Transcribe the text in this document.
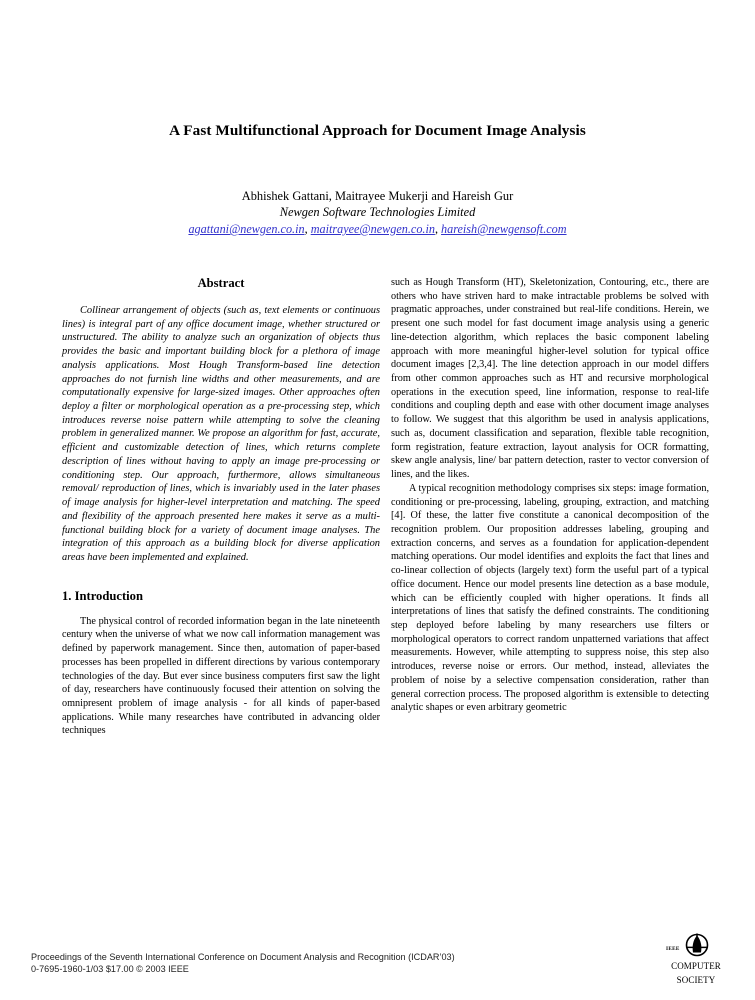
A Fast Multifunctional Approach for Document Image Analysis
Abhishek Gattani, Maitrayee Mukerji and Hareish Gur
Newgen Software Technologies Limited
agattani@newgen.co.in, maitrayee@newgen.co.in, hareish@newgensoft.com
Abstract

Collinear arrangement of objects (such as, text elements or continuous lines) is integral part of any office document image, whether structured or unstructured. The ability to analyze such an organization of objects thus provides the basic and important building block for a plethora of image analysis applications. Most Hough Transform-based line detection approaches do not furnish line widths and other measurements, and are computationally expensive for large-sized images. Other approaches often deploy a filter or morphological operation as a pre-processing step, which introduces reverse noise pattern while attempting to solve the cleaning problem in generalized manner. We propose an algorithm for fast, accurate, efficient and customizable detection of lines, which returns complete description of lines without having to apply an image pre-processing or conditioning step. Our approach, furthermore, allows simultaneous removal/ reproduction of lines, which is invariably used in the later phases of image analysis for higher-level interpretation and matching. The speed and flexibility of the approach presented here makes it serve as a multi-functional building block for a variety of document image analyses. The integration of this approach as a building block for diverse application areas have been implemented and explained.

1. Introduction

The physical control of recorded information began in the late nineteenth century when the universe of what we now call information management was defined by paperwork management. Since then, automation of paper-based processes has been propelled in different directions by various contemporary technologies of the day. But ever since business computers first saw the light of day, researchers have continuously focused their attention on solving the omnipresent problem of image analysis - for all kinds of paper-based applications. While many researches have contributed in advancing older techniques

such as Hough Transform (HT), Skeletonization, Contouring, etc., there are others who have striven hard to make intractable problems be solved with pragmatic approaches, under constrained but real-life conditions. Herein, we present one such model for fast document image analysis using a generic line-detection algorithm, which replaces the basic component labeling approach with more meaningful higher-level solution for typical office document images [2,3,4]. The line detection approach in our model differs from other common approaches such as HT and recursive morphological operations in the execution speed, line information, response to real-life conditions and coupling depth and ease with other document image analyses to follow. We suggest that this algorithm be used in analysis applications, such as, document classification and separation, flexible table recognition, form registration, feature extraction, layout analysis for OCR formatting, skew angle analysis, line/ bar pattern detection, raster to vector conversion of lines, and the likes.

A typical recognition methodology comprises six steps: image formation, conditioning or pre-processing, labeling, grouping, extraction, and matching [4]. Of these, the latter five constitute a canonical decomposition of the recognition problem. Our proposition addresses labeling, grouping and extraction concerns, and serves as a foundation for application-dependent matching operations. Our model identifies and exploits the fact that lines and co-linear collection of objects (largely text) form the useful part of a typical office document. Hence our model presents line detection as a base module, which can be efficiently coupled with higher operations. It finds all interpretations of lines that satisfy the defined constraints. The conditioning step deployed before labeling by many researchers use filters or morphological operators to correct random unpatterned variations that affect measurements. However, while attempting to suppress noise, this step also introduces, reverse noise or errors. Our method, instead, alleviates the problem of noise by a selective compensation consideration, rather than general correction process. The proposed algorithm is extensible to detecting analytic shapes or even arbitrary geometric

Proceedings of the Seventh International Conference on Document Analysis and Recognition (ICDAR’03)
0-7695-1960-1/03 $17.00 © 2003 IEEE
IEEE
computer
society
